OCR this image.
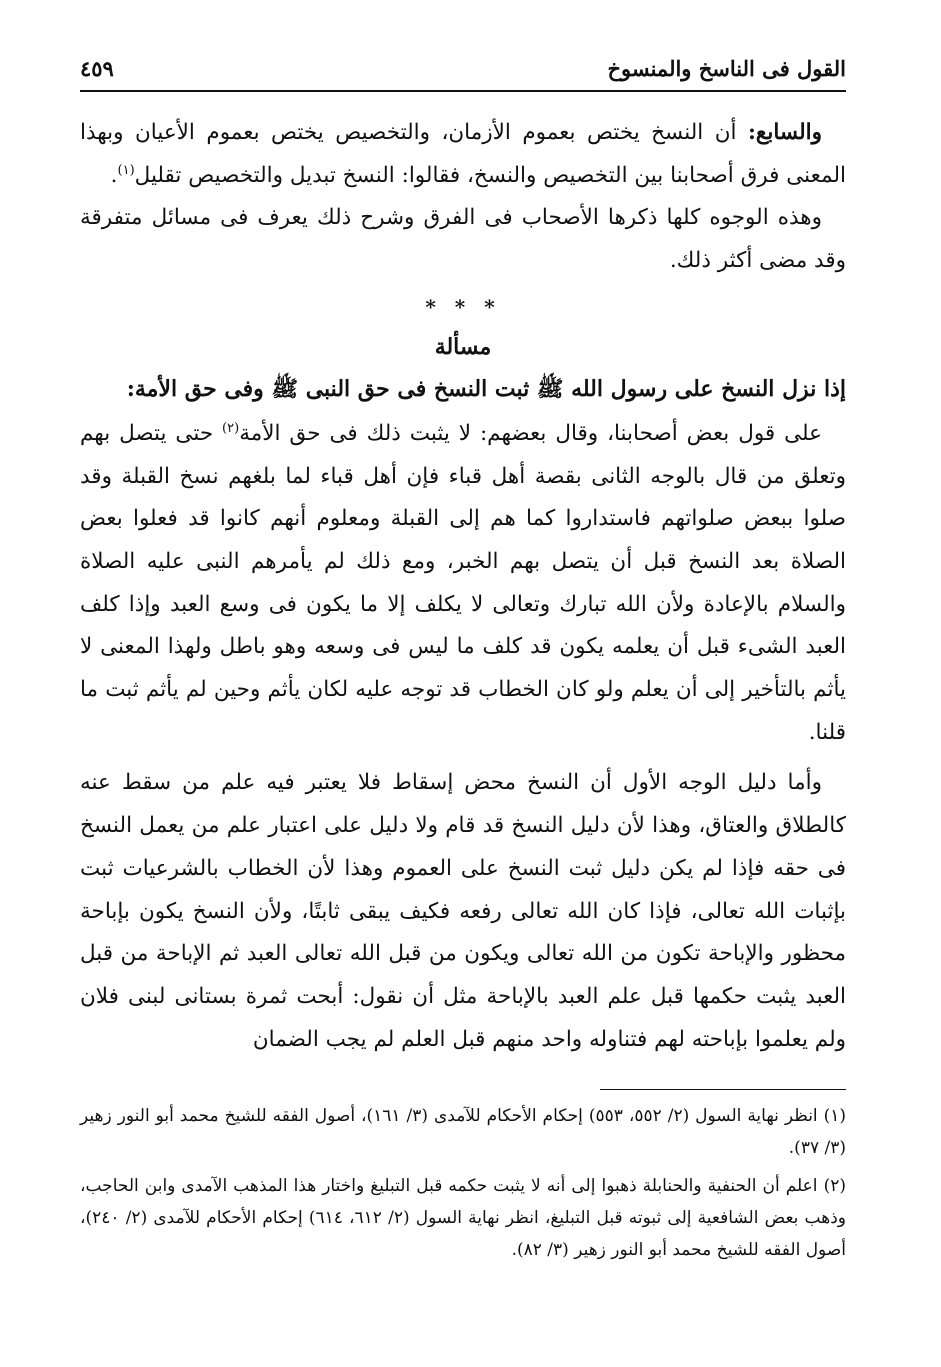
القول فى الناسخ والمنسوخ
٤٥٩

والسابع: أن النسخ يختص بعموم الأزمان، والتخصيص يختص بعموم الأعيان وبهذا المعنى فرق أصحابنا بين التخصيص والنسخ، فقالوا: النسخ تبديل والتخصيص تقليل$^{(١)}$.

وهذه الوجوه كلها ذكرها الأصحاب فى الفرق وشرح ذلك يعرف فى مسائل متفرقة وقد مضى أكثر ذلك.

* * *

مسألة

إذا نزل النسخ على رسول الله ﷺ ثبت النسخ فى حق النبى ﷺ وفى حق الأمة:

على قول بعض أصحابنا، وقال بعضهم: لا يثبت ذلك فى حق الأمة$^{(٢)}$ حتى يتصل بهم وتعلق من قال بالوجه الثانى بقصة أهل قباء فإن أهل قباء لما بلغهم نسخ القبلة وقد صلوا ببعض صلواتهم فاستداروا كما هم إلى القبلة ومعلوم أنهم كانوا قد فعلوا بعض الصلاة بعد النسخ قبل أن يتصل بهم الخبر، ومع ذلك لم يأمرهم النبى عليه الصلاة والسلام بالإعادة ولأن الله تبارك وتعالى لا يكلف إلا ما يكون فى وسع العبد وإذا كلف العبد الشىء قبل أن يعلمه يكون قد كلف ما ليس فى وسعه وهو باطل ولهذا المعنى لا يأثم بالتأخير إلى أن يعلم ولو كان الخطاب قد توجه عليه لكان يأثم وحين لم يأثم ثبت ما قلنا.

وأما دليل الوجه الأول أن النسخ محض إسقاط فلا يعتبر فيه علم من سقط عنه كالطلاق والعتاق، وهذا لأن دليل النسخ قد قام ولا دليل على اعتبار علم من يعمل النسخ فى حقه فإذا لم يكن دليل ثبت النسخ على العموم وهذا لأن الخطاب بالشرعيات ثبت بإثبات الله تعالى، فإذا كان الله تعالى رفعه فكيف يبقى ثابتًا، ولأن النسخ يكون بإباحة محظور والإباحة تكون من الله تعالى ويكون من قبل الله تعالى العبد ثم الإباحة من قبل العبد يثبت حكمها قبل علم العبد بالإباحة مثل أن نقول: أبحت ثمرة بستانى لبنى فلان ولم يعلموا بإباحته لهم فتناوله واحد منهم قبل العلم لم يجب الضمان

(١) انظر نهاية السول (٢/ ٥٥٢، ٥٥٣) إحكام الأحكام للآمدى (٣/ ١٦١)، أصول الفقه للشيخ محمد أبو النور زهير (٣/ ٣٧).

(٢) اعلم أن الحنفية والحنابلة ذهبوا إلى أنه لا يثبت حكمه قبل التبليغ واختار هذا المذهب الآمدى وابن الحاجب، وذهب بعض الشافعية إلى ثبوته قبل التبليغ، انظر نهاية السول (٢/ ٦١٢، ٦١٤) إحكام الأحكام للآمدى (٢/ ٢٤٠)، أصول الفقه للشيخ محمد أبو النور زهير (٣/ ٨٢).
